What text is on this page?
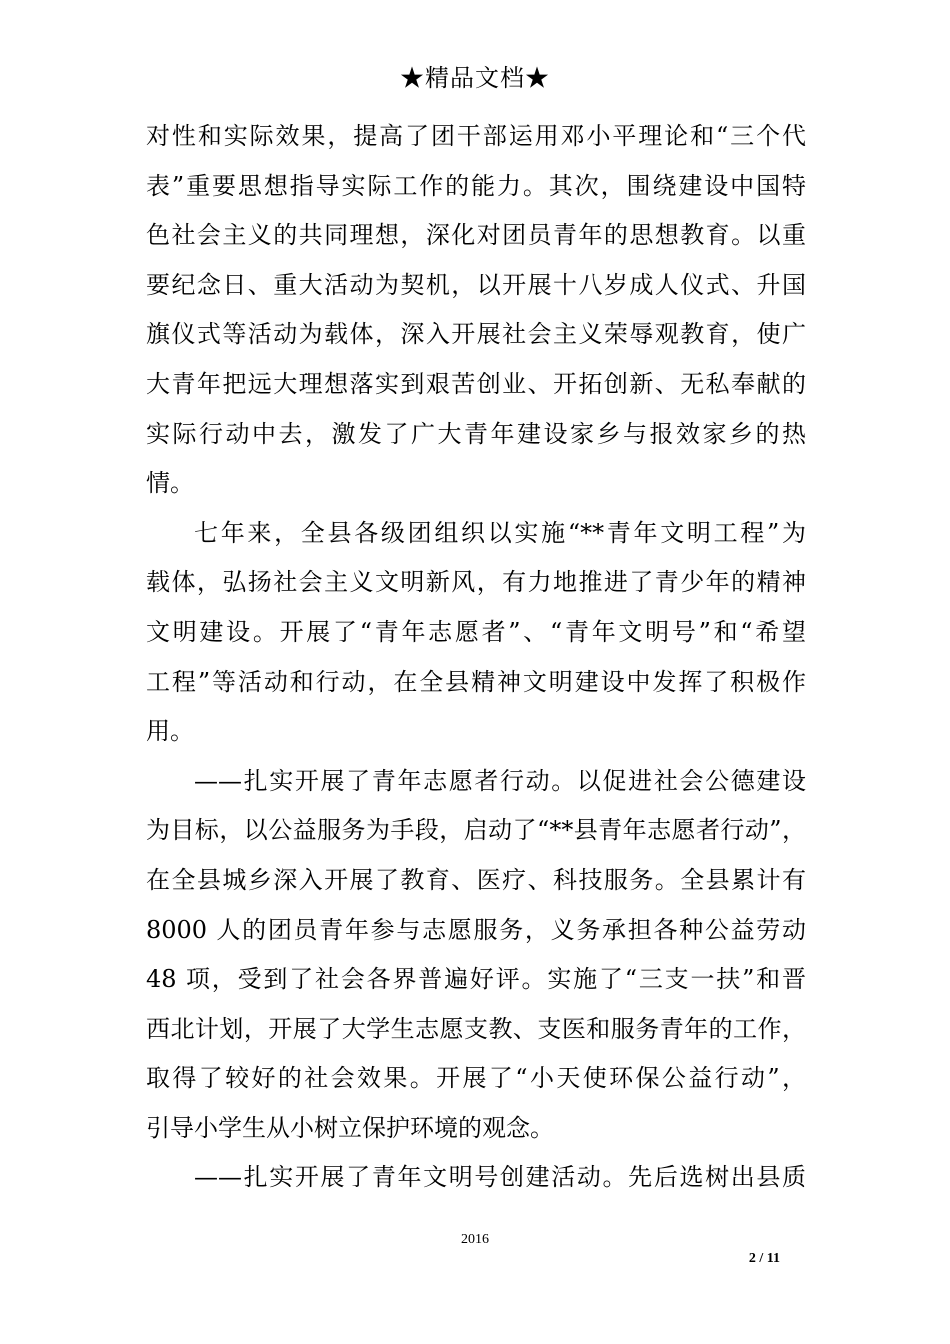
★精品文档★
对性和实际效果，提高了团干部运用邓小平理论和“三个代
表”重要思想指导实际工作的能力。其次，围绕建设中国特
色社会主义的共同理想，深化对团员青年的思想教育。以重
要纪念日、重大活动为契机，以开展十八岁成人仪式、升国
旗仪式等活动为载体，深入开展社会主义荣辱观教育，使广
大青年把远大理想落实到艰苦创业、开拓创新、无私奉献的
实际行动中去，激发了广大青年建设家乡与报效家乡的热
情。
七年来，全县各级团组织以实施“**青年文明工程”为
载体，弘扬社会主义文明新风，有力地推进了青少年的精神
文明建设。开展了“青年志愿者”、“青年文明号”和“希望
工程”等活动和行动，在全县精神文明建设中发挥了积极作
用。
——扎实开展了青年志愿者行动。以促进社会公德建设
为目标，以公益服务为手段，启动了“**县青年志愿者行动”，
在全县城乡深入开展了教育、医疗、科技服务。全县累计有
8000 人的团员青年参与志愿服务，义务承担各种公益劳动
48 项，受到了社会各界普遍好评。实施了“三支一扶”和晋
西北计划，开展了大学生志愿支教、支医和服务青年的工作，
取得了较好的社会效果。开展了“小天使环保公益行动”，
引导小学生从小树立保护环境的观念。
——扎实开展了青年文明号创建活动。先后选树出县质
2016
2 / 11
